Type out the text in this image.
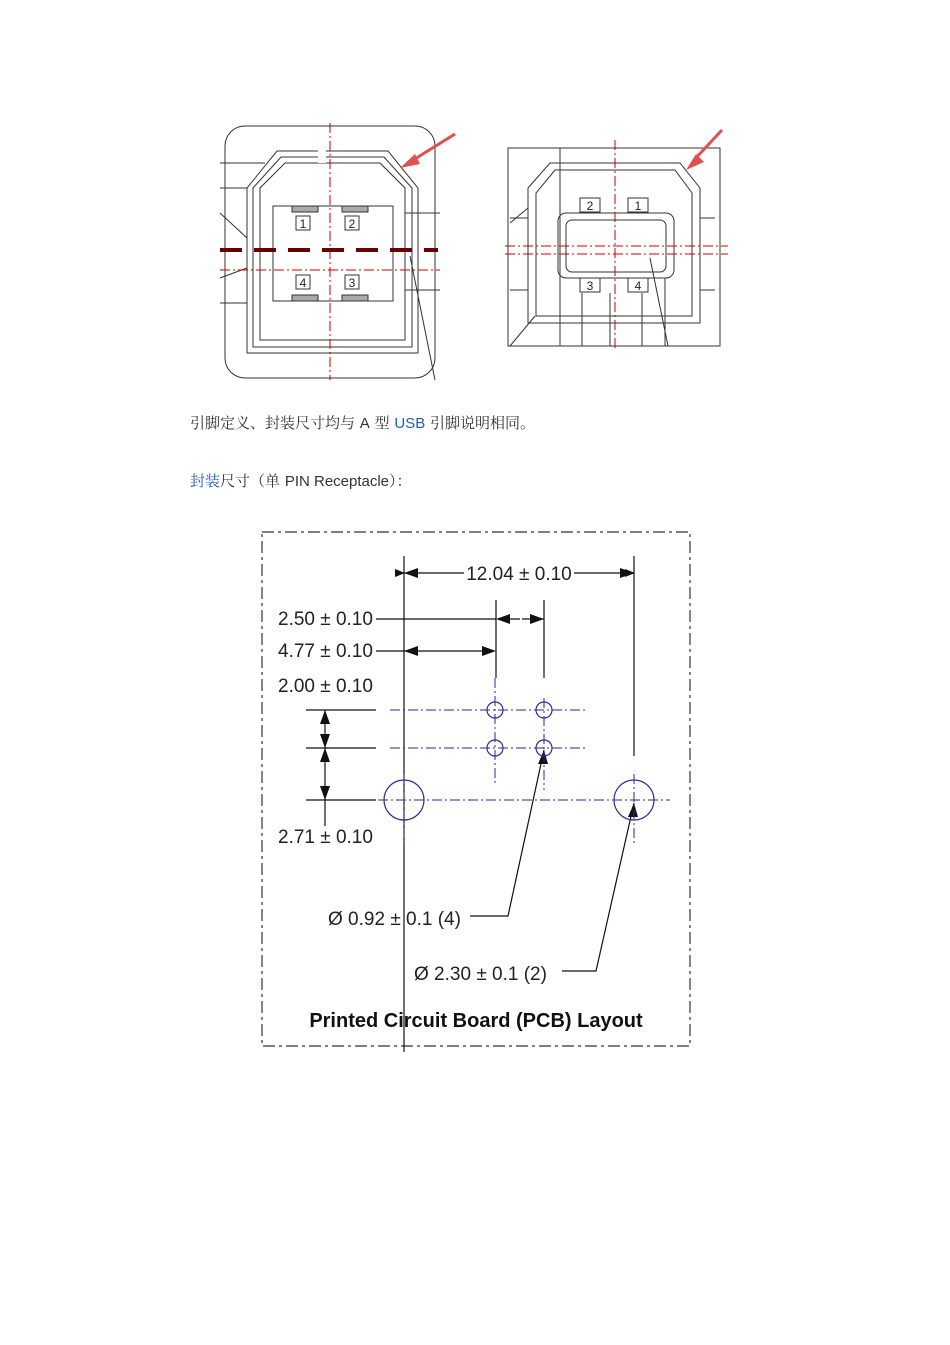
1	2
4	3
2	1
3	4
引脚定义、封装尺寸均与 A 型 USB 引脚说明相同。
封装尺寸（单 PIN Receptacle）：
12.04 ± 0.10
2.50 ± 0.10
4.77 ± 0.10
2.00 ± 0.10
2.71 ± 0.10
Ø 0.92 ± 0.1 (4)
Ø 2.30 ± 0.1 (2)
Printed Circuit Board (PCB) Layout
